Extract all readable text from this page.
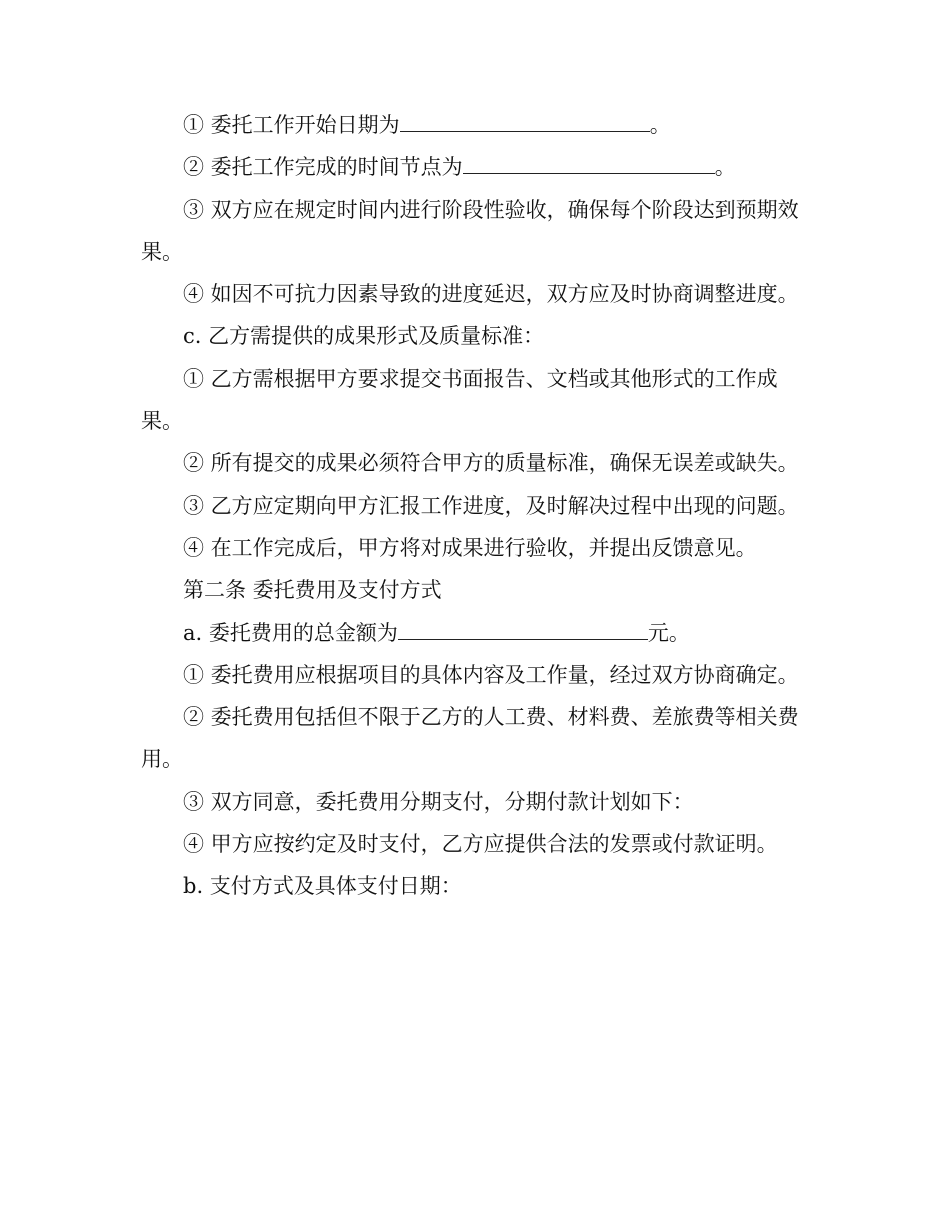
① 委托工作开始日期为	。

② 委托工作完成的时间节点为	。

③ 双方应在规定时间内进行阶段性验收，确保每个阶段达到预期效果。

④ 如因不可抗力因素导致的进度延迟，双方应及时协商调整进度。

c. 乙方需提供的成果形式及质量标准：

① 乙方需根据甲方要求提交书面报告、文档或其他形式的工作成果。

② 所有提交的成果必须符合甲方的质量标准，确保无误差或缺失。

③ 乙方应定期向甲方汇报工作进度，及时解决过程中出现的问题。

④ 在工作完成后，甲方将对成果进行验收，并提出反馈意见。

第二条 委托费用及支付方式

a. 委托费用的总金额为	元。

① 委托费用应根据项目的具体内容及工作量，经过双方协商确定。

② 委托费用包括但不限于乙方的人工费、材料费、差旅费等相关费用。

③ 双方同意，委托费用分期支付，分期付款计划如下：

④ 甲方应按约定及时支付，乙方应提供合法的发票或付款证明。

b. 支付方式及具体支付日期：
